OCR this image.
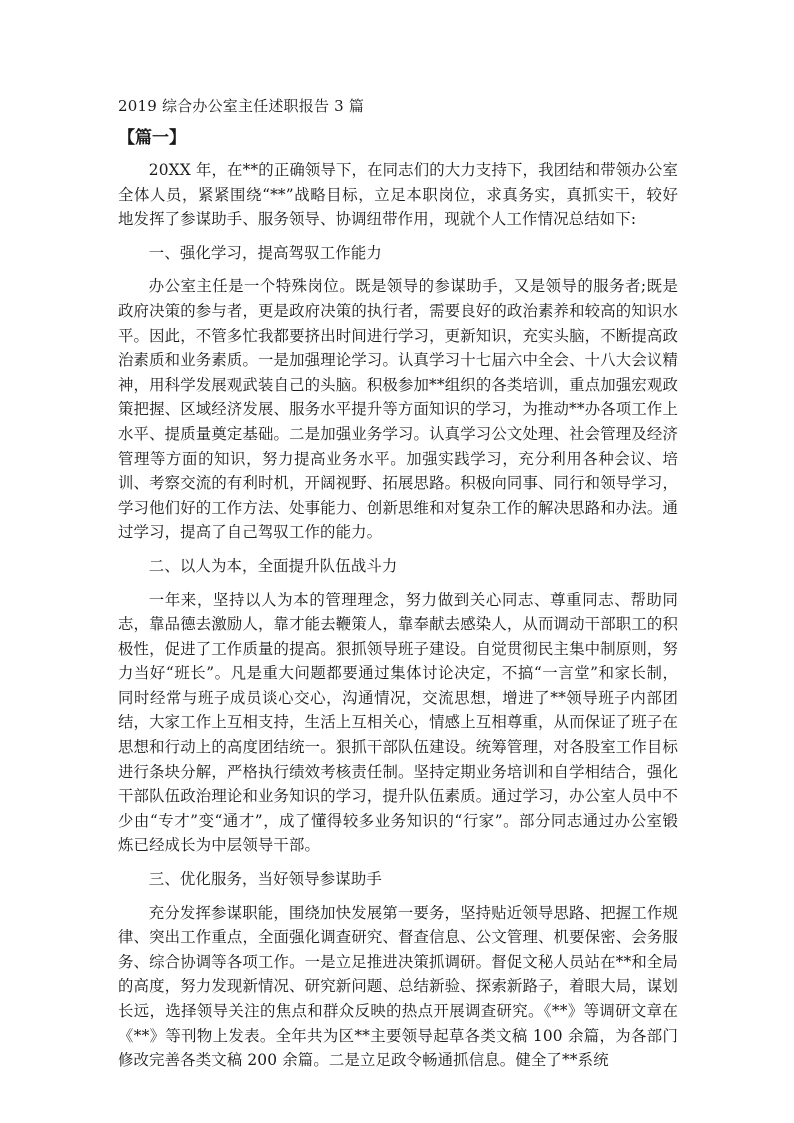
2019 综合办公室主任述职报告 3 篇
【篇一】

20XX 年，在**的正确领导下，在同志们的大力支持下，我团结和带领办公室全体人员，紧紧围绕“**”战略目标，立足本职岗位，求真务实，真抓实干，较好地发挥了参谋助手、服务领导、协调纽带作用，现就个人工作情况总结如下:

一、强化学习，提高驾驭工作能力

办公室主任是一个特殊岗位。既是领导的参谋助手，又是领导的服务者;既是政府决策的参与者，更是政府决策的执行者，需要良好的政治素养和较高的知识水平。因此，不管多忙我都要挤出时间进行学习，更新知识，充实头脑，不断提高政治素质和业务素质。一是加强理论学习。认真学习十七届六中全会、十八大会议精神，用科学发展观武装自己的头脑。积极参加**组织的各类培训，重点加强宏观政策把握、区域经济发展、服务水平提升等方面知识的学习，为推动**办各项工作上水平、提质量奠定基础。二是加强业务学习。认真学习公文处理、社会管理及经济管理等方面的知识，努力提高业务水平。加强实践学习，充分利用各种会议、培训、考察交流的有利时机，开阔视野、拓展思路。积极向同事、同行和领导学习，学习他们好的工作方法、处事能力、创新思维和对复杂工作的解决思路和办法。通过学习，提高了自己驾驭工作的能力。

二、以人为本，全面提升队伍战斗力

一年来，坚持以人为本的管理理念，努力做到关心同志、尊重同志、帮助同志，靠品德去激励人，靠才能去鞭策人，靠奉献去感染人，从而调动干部职工的积极性，促进了工作质量的提高。狠抓领导班子建设。自觉贯彻民主集中制原则，努力当好“班长”。凡是重大问题都要通过集体讨论决定，不搞“一言堂”和家长制，同时经常与班子成员谈心交心，沟通情况，交流思想，增进了**领导班子内部团结，大家工作上互相支持，生活上互相关心，情感上互相尊重，从而保证了班子在思想和行动上的高度团结统一。狠抓干部队伍建设。统筹管理，对各股室工作目标进行条块分解，严格执行绩效考核责任制。坚持定期业务培训和自学相结合，强化干部队伍政治理论和业务知识的学习，提升队伍素质。通过学习，办公室人员中不少由“专才”变“通才”，成了懂得较多业务知识的“行家”。部分同志通过办公室锻炼已经成长为中层领导干部。

三、优化服务，当好领导参谋助手

充分发挥参谋职能，围绕加快发展第一要务，坚持贴近领导思路、把握工作规律、突出工作重点，全面强化调查研究、督查信息、公文管理、机要保密、会务服务、综合协调等各项工作。一是立足推进决策抓调研。督促文秘人员站在**和全局的高度，努力发现新情况、研究新问题、总结新验、探索新路子，着眼大局，谋划长远，选择领导关注的焦点和群众反映的热点开展调查研究。《**》等调研文章在《**》等刊物上发表。全年共为区**主要领导起草各类文稿 100 余篇，为各部门修改完善各类文稿 200 余篇。二是立足政令畅通抓信息。健全了**系统
